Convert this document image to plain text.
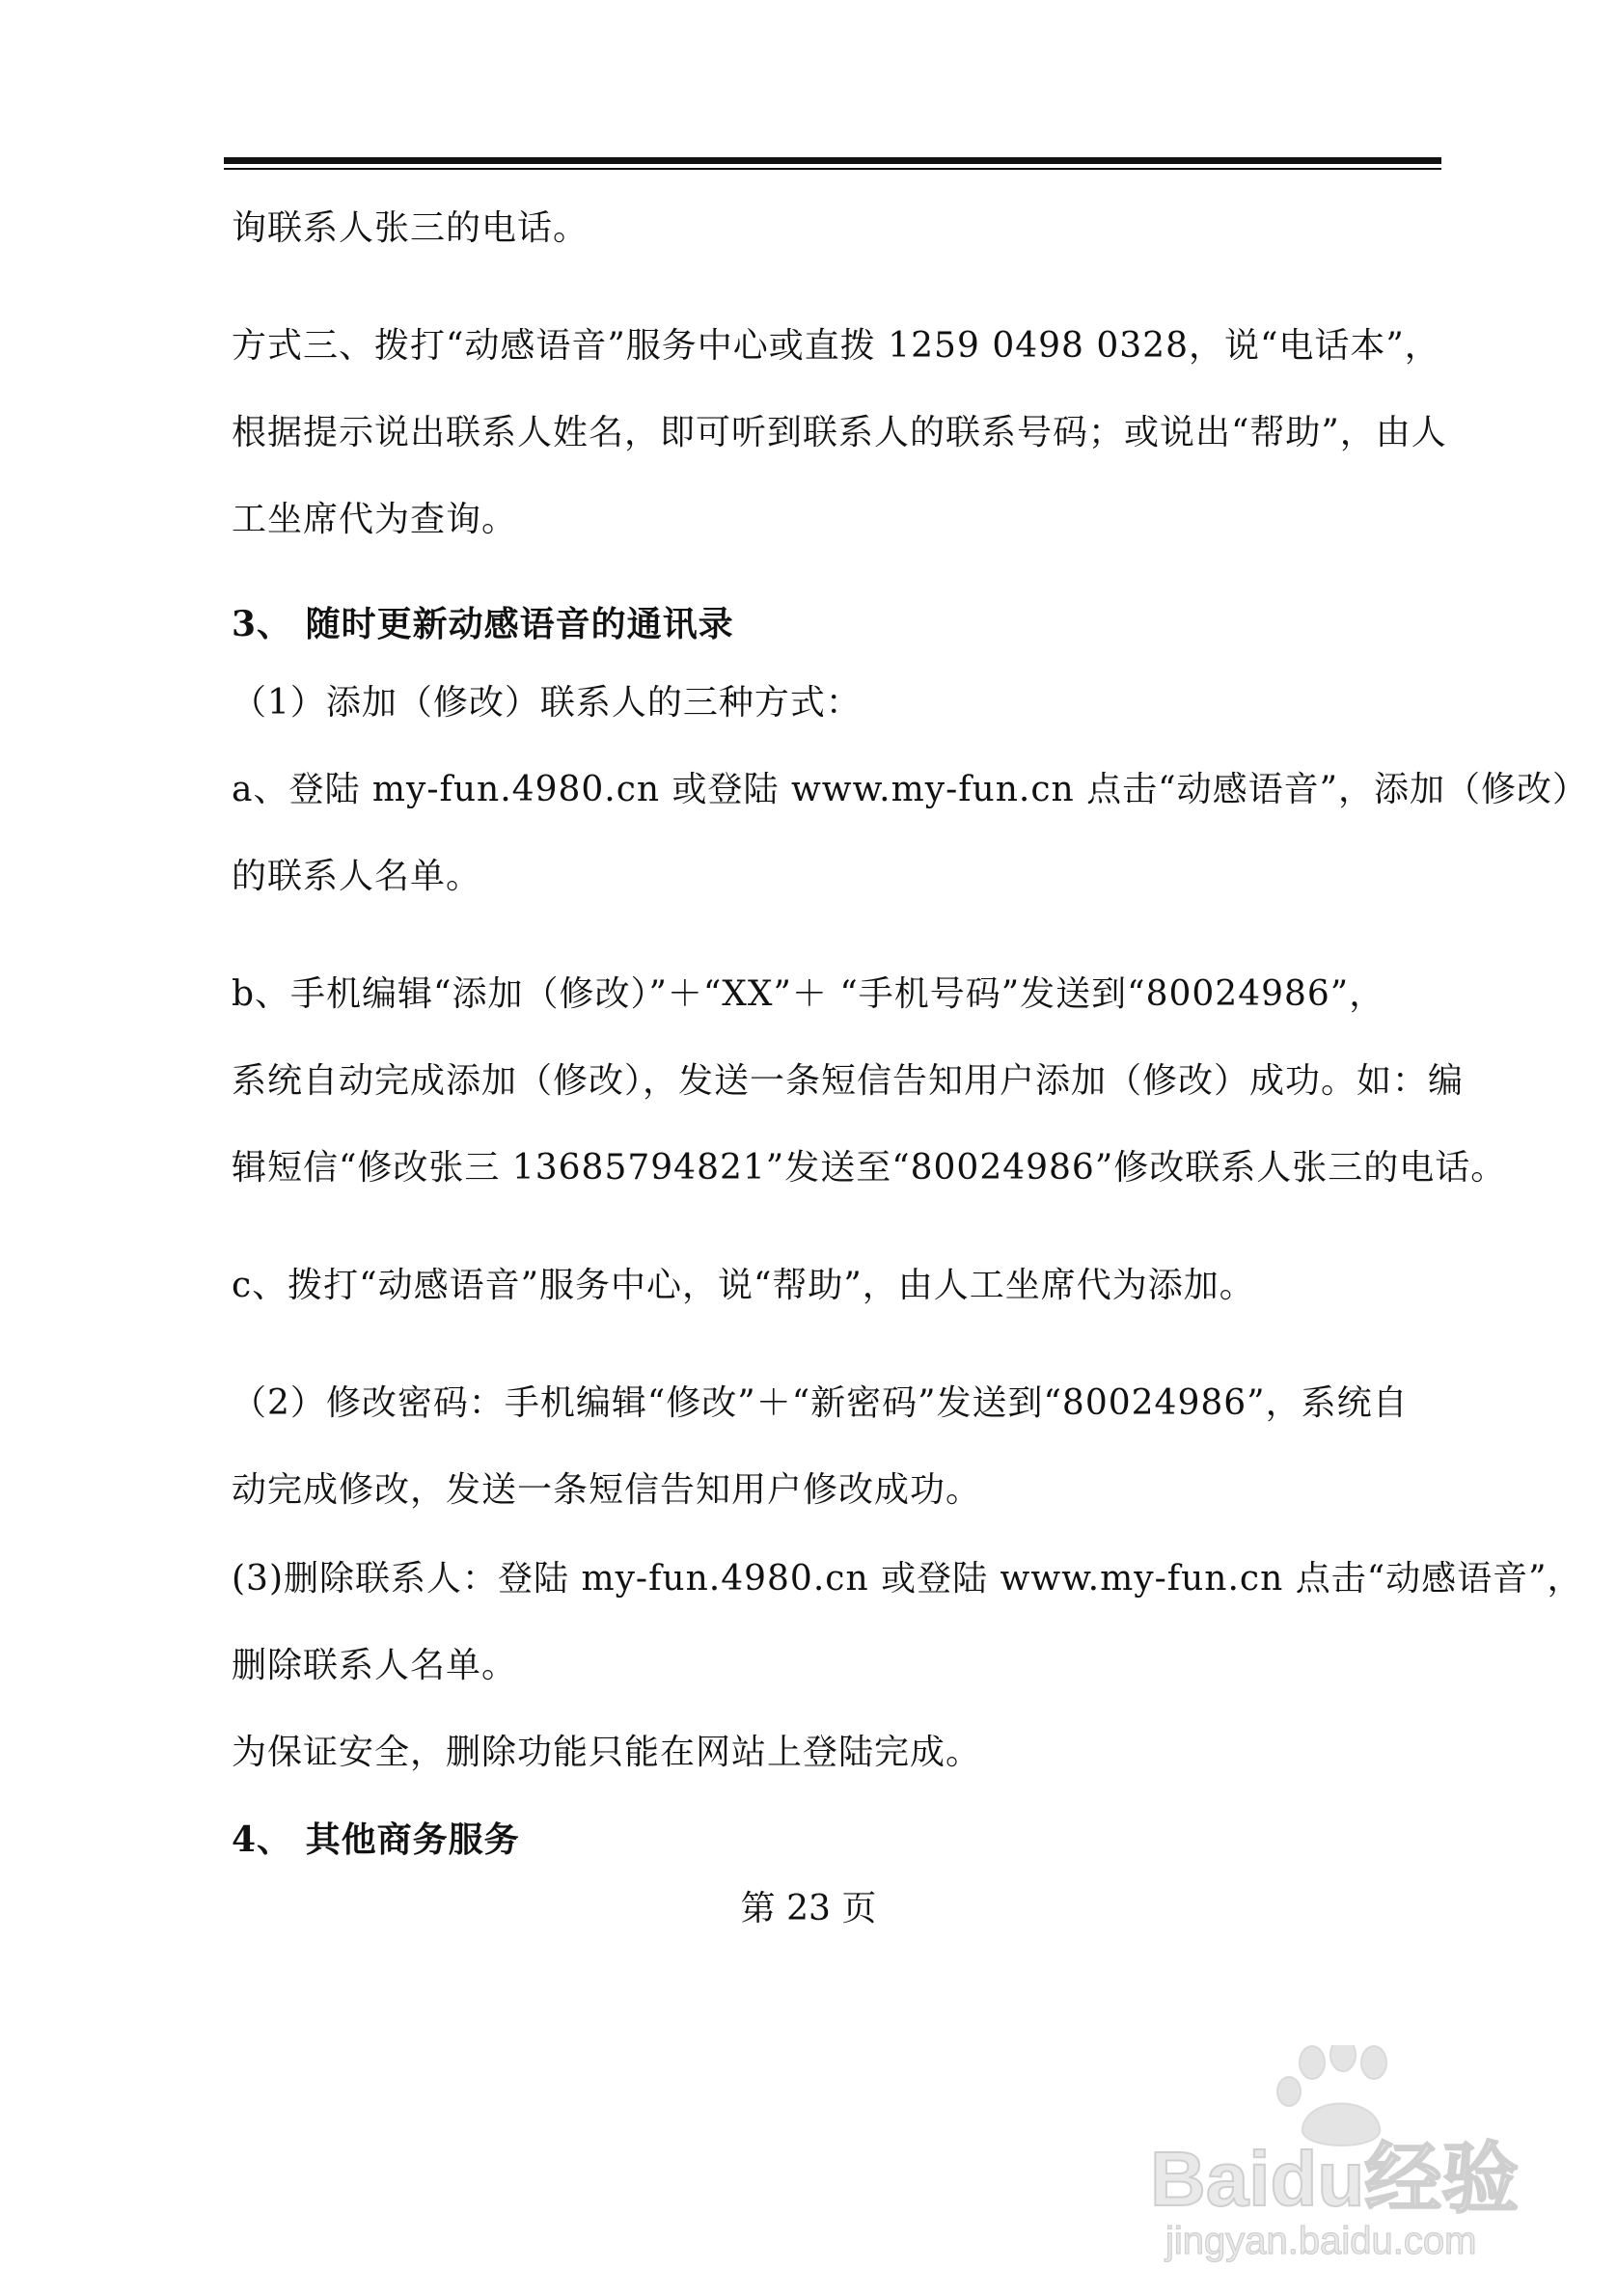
询联系人张三的电话。
方式三、拨打“动感语音”服务中心或直拨 1259 0498 0328，说“电话本”，
根据提示说出联系人姓名，即可听到联系人的联系号码；或说出“帮助”，由人
工坐席代为查询。
3、 随时更新动感语音的通讯录
（1）添加（修改）联系人的三种方式：
a、登陆 my-fun.4980.cn 或登陆 www.my-fun.cn 点击“动感语音”，添加（修改）
的联系人名单。
b、手机编辑“添加（修改）”＋“XX”＋ “手机号码”发送到“80024986”，
系统自动完成添加（修改），发送一条短信告知用户添加（修改）成功。如：编
辑短信“修改张三 13685794821”发送至“80024986”修改联系人张三的电话。
c、拨打“动感语音”服务中心，说“帮助”，由人工坐席代为添加。
（2）修改密码：手机编辑“修改”＋“新密码”发送到“80024986”，系统自
动完成修改，发送一条短信告知用户修改成功。
(3)删除联系人：登陆 my-fun.4980.cn 或登陆 www.my-fun.cn 点击“动感语音”，
删除联系人名单。
为保证安全，删除功能只能在网站上登陆完成。
4、 其他商务服务
第 23 页
Baidu经验
jingyan.baidu.com
